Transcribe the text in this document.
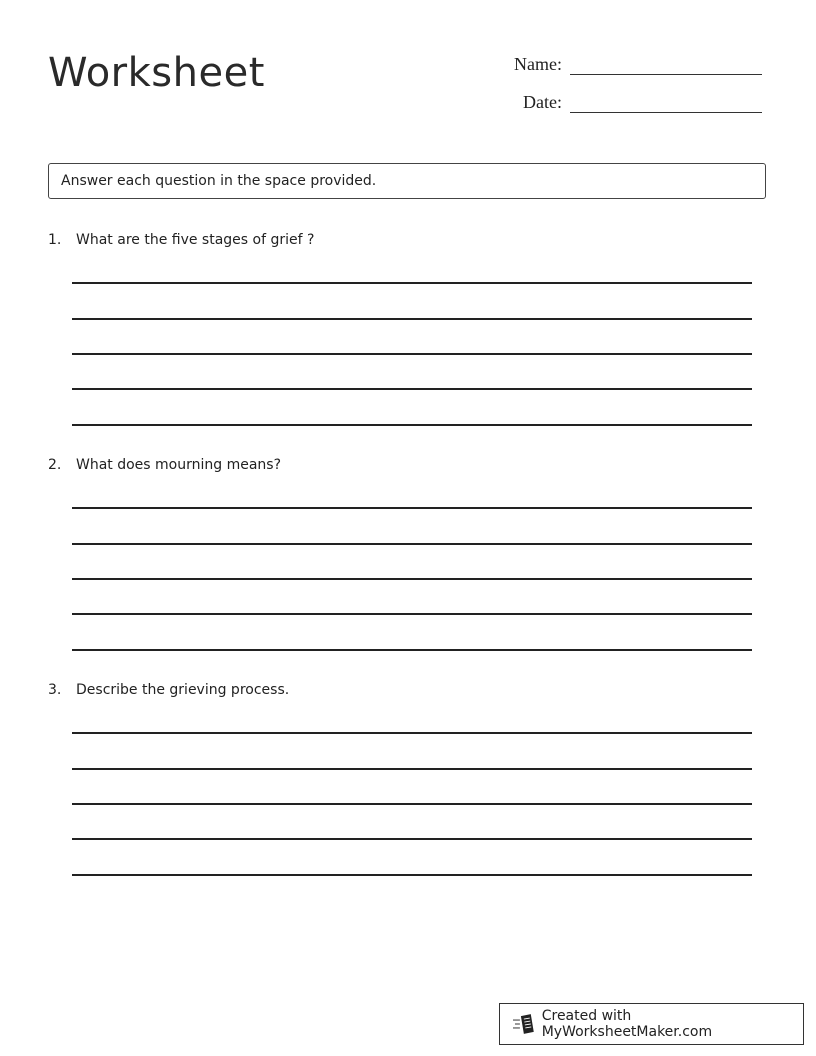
Worksheet	Name:
Date:
Answer each question in the space provided.
1.	What are the five stages of grief ?
2.	What does mourning means?
3.	Describe the grieving process.
Created with MyWorksheetMaker.com
